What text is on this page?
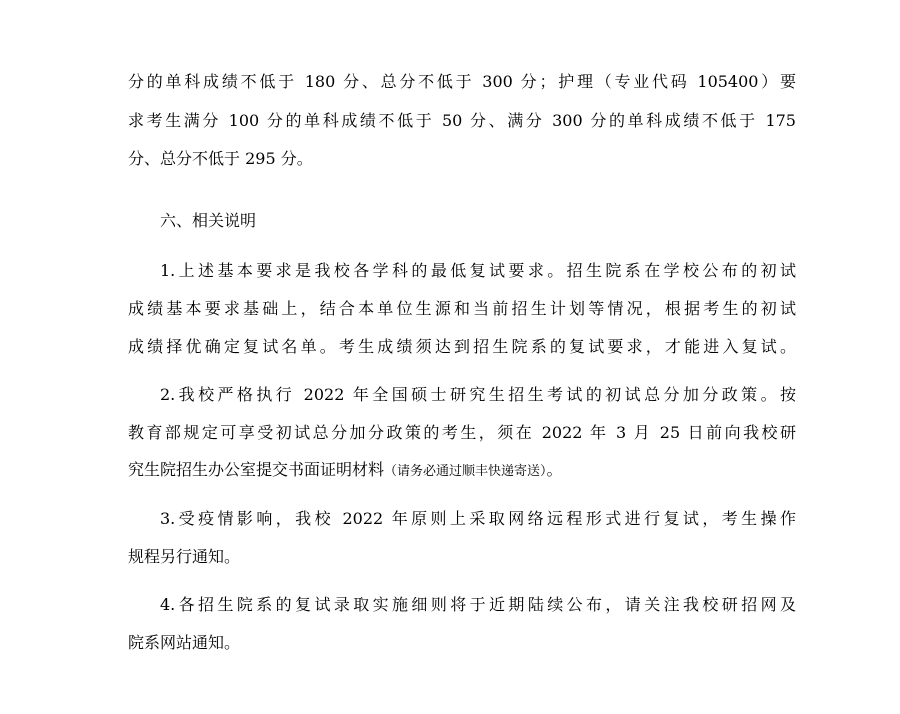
分的单科成绩不低于 180 分、总分不低于 300 分；护理（专业代码 105400）要
求考生满分 100 分的单科成绩不低于 50 分、满分 300 分的单科成绩不低于 175
分、总分不低于 295 分。
六、相关说明
1.上述基本要求是我校各学科的最低复试要求。招生院系在学校公布的初试
成绩基本要求基础上，结合本单位生源和当前招生计划等情况，根据考生的初试
成绩择优确定复试名单。考生成绩须达到招生院系的复试要求，才能进入复试。
2.我校严格执行 2022 年全国硕士研究生招生考试的初试总分加分政策。按
教育部规定可享受初试总分加分政策的考生，须在 2022 年 3 月 25 日前向我校研
究生院招生办公室提交书面证明材料（请务必通过顺丰快递寄送）。
3.受疫情影响，我校 2022 年原则上采取网络远程形式进行复试，考生操作
规程另行通知。
4.各招生院系的复试录取实施细则将于近期陆续公布，请关注我校研招网及
院系网站通知。
